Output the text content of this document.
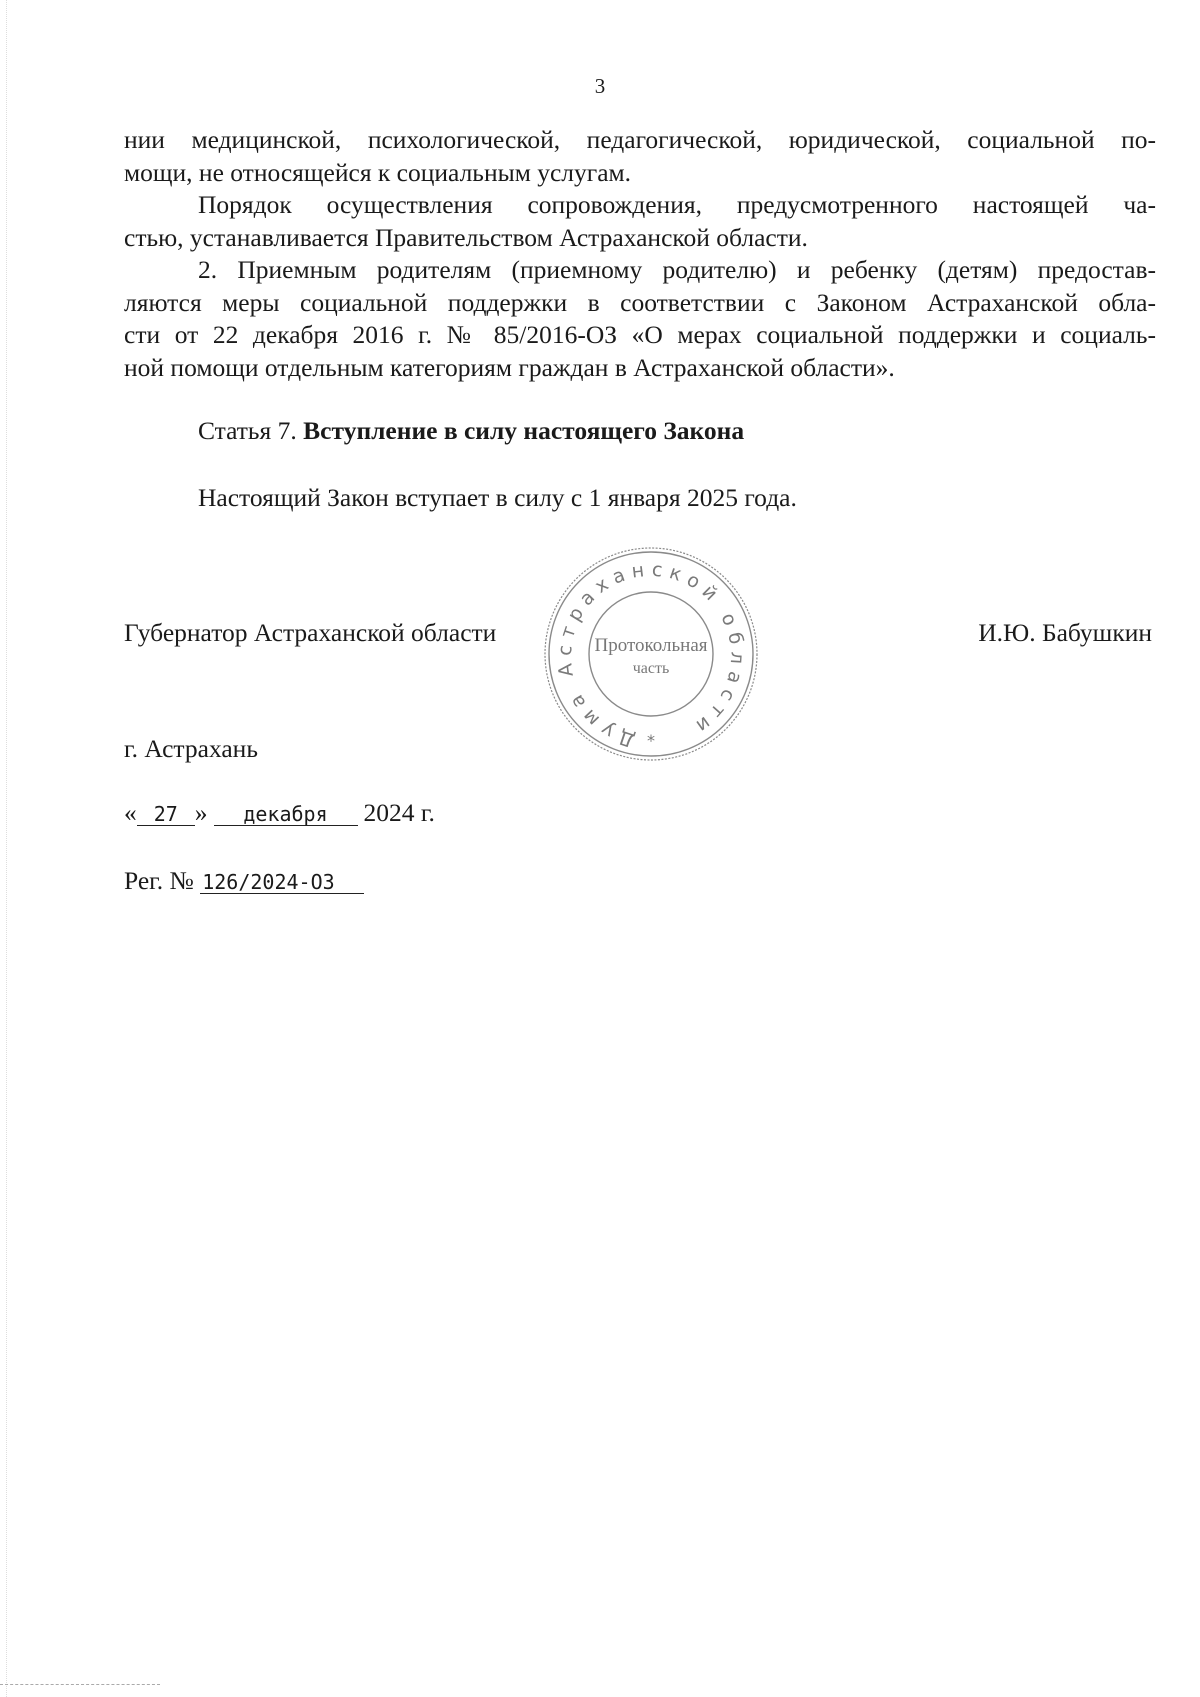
3

нии медицинской, психологической, педагогической, юридической, социальной по-
мощи, не относящейся к социальным услугам.

Порядок осуществления сопровождения, предусмотренного настоящей ча-
стью, устанавливается Правительством Астраханской области.

2. Приемным родителям (приемному родителю) и ребенку (детям) предостав-
ляются меры социальной поддержки в соответствии с Законом Астраханской обла-
сти от 22 декабря 2016 г. № 85/2016-ОЗ «О мерах социальной поддержки и социаль-
ной помощи отдельным категориям граждан в Астраханской области».

Статья 7. Вступление в силу настоящего Закона
Настоящий Закон вступает в силу с 1 января 2025 года.
Губернатор Астраханской области	И.Ю. Бабушкин
Дума Астраханской области
Протокольная
часть
*
г. Астрахань
« 27 » декабря 2024 г.
Рег. № 126/2024-ОЗ
